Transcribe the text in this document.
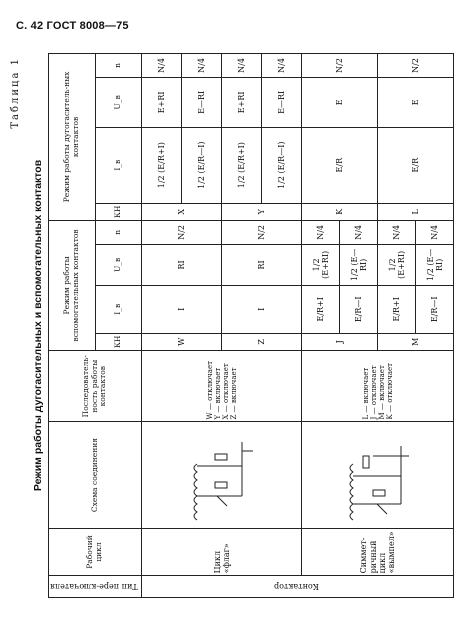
С. 42 ГОСТ 8008—75
Таблица 1
Режим работы дугогасительных и вспомогательных контактов
Тип пере-ключателя	Рабочий цикл	Схема соединения	Последователь-ность работы контактов	Режим работы вспомогательных контактов				Режим работы дугогаситель-ных контактов			
				КН	I_в	U_в	n	КН	I_в	U_в	n
Контактор	Цикл «флаг»		W — отключает Y — включает X — отключает Z — включает	W	I	RI	N/2	X	1/2 (E/R+I)	E+RI	N/4
									1/2 (E/R—I)	E—RI	N/4
				Z	I	RI	N/2	Y	1/2 (E/R+I)	E+RI	N/4
									1/2 (E/R—I)	E—RI	N/4
	Симмет-ричный цикл «вымпел»		L — включает J — отключает M — включает K — отключает	J	E/R+I	1/2 (E+RI)	N/4	K	E/R	E	N/2
					E/R—I	1/2 (E—RI)	N/4				
				M	E/R+I	1/2 (E+RI)	N/4	L	E/R	E	N/2
					E/R—I	1/2 (E—RI)	N/4				
